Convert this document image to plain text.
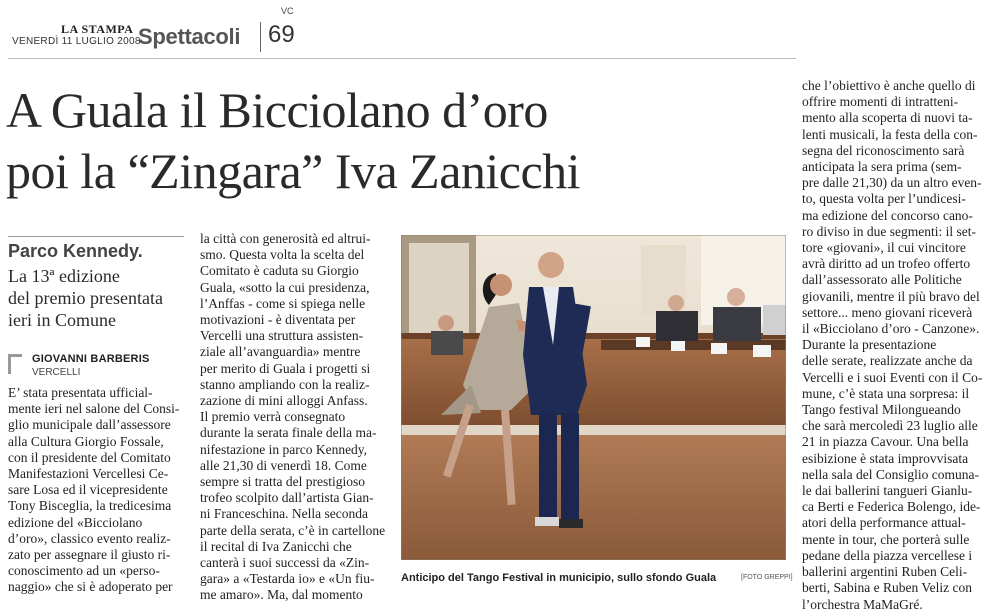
VC
LA STAMPA
VENERDÌ 11 LUGLIO 2008
Spettacoli 69
A Guala il Bicciolano d’oro
poi la “Zingara” Iva Zanicchi
Parco Kennedy.
La 13ª edizione
del premio presentata
ieri in Comune
GIOVANNI BARBERIS
VERCELLI
E’ stata presentata ufficial-
mente ieri nel salone del Consi-
glio municipale dall’assessore
alla Cultura Giorgio Fossale,
con il presidente del Comitato
Manifestazioni Vercellesi Ce-
sare Losa ed il vicepresidente
Tony Bisceglia, la tredicesima
edizione del «Bicciolano
d’oro», classico evento realiz-
zato per assegnare il giusto ri-
conoscimento ad un «perso-
naggio» che si è adoperato per
la città con generosità ed altrui-
smo. Questa volta la scelta del
Comitato è caduta su Giorgio
Guala, «sotto la cui presidenza,
l’Anffas - come si spiega nelle
motivazioni - è diventata per
Vercelli una struttura assisten-
ziale all’avanguardia» mentre
per merito di Guala i progetti si
stanno ampliando con la realiz-
zazione di mini alloggi Anfass.
Il premio verrà consegnato
durante la serata finale della ma-
nifestazione in parco Kennedy,
alle 21,30 di venerdì 18. Come
sempre si tratta del prestigioso
trofeo scolpito dall’artista Gian-
ni Franceschina. Nella seconda
parte della serata, c’è in cartellone
il recital di Iva Zanicchi che
canterà i suoi successi da «Zin-
gara» a «Testarda io» e «Un fiu-
me amaro». Ma, dal momento
che l’obiettivo è anche quello di
offrire momenti di intratteni-
mento alla scoperta di nuovi ta-
lenti musicali, la festa della con-
segna del riconoscimento sarà
anticipata la sera prima (sem-
pre dalle 21,30) da un altro even-
to, questa volta per l’undicesi-
ma edizione del concorso cano-
ro diviso in due segmenti: il set-
tore «giovani», il cui vincitore
avrà diritto ad un trofeo offerto
dall’assessorato alle Politiche
giovanili, mentre il più bravo del
settore... meno giovani riceverà
il «Bicciolano d’oro - Canzone».
Durante la presentazione
delle serate, realizzate anche da
Vercelli e i suoi Eventi con il Co-
mune, c’è stata una sorpresa: il
Tango festival Milongueando
che sarà mercoledì 23 luglio alle
21 in piazza Cavour. Una bella
esibizione è stata improvvisata
nella sala del Consiglio comuna-
le dai ballerini tangueri Gianlu-
ca Berti e Federica Bolengo, ide-
atori della performance attual-
mente in tour, che porterà sulle
pedane della piazza vercellese i
ballerini argentini Ruben Celi-
berti, Sabina e Ruben Veliz con
l’orchestra MaMaGré.
Anticipo del Tango Festival in municipio, sullo sfondo Guala	[FOTO GREPPI]
